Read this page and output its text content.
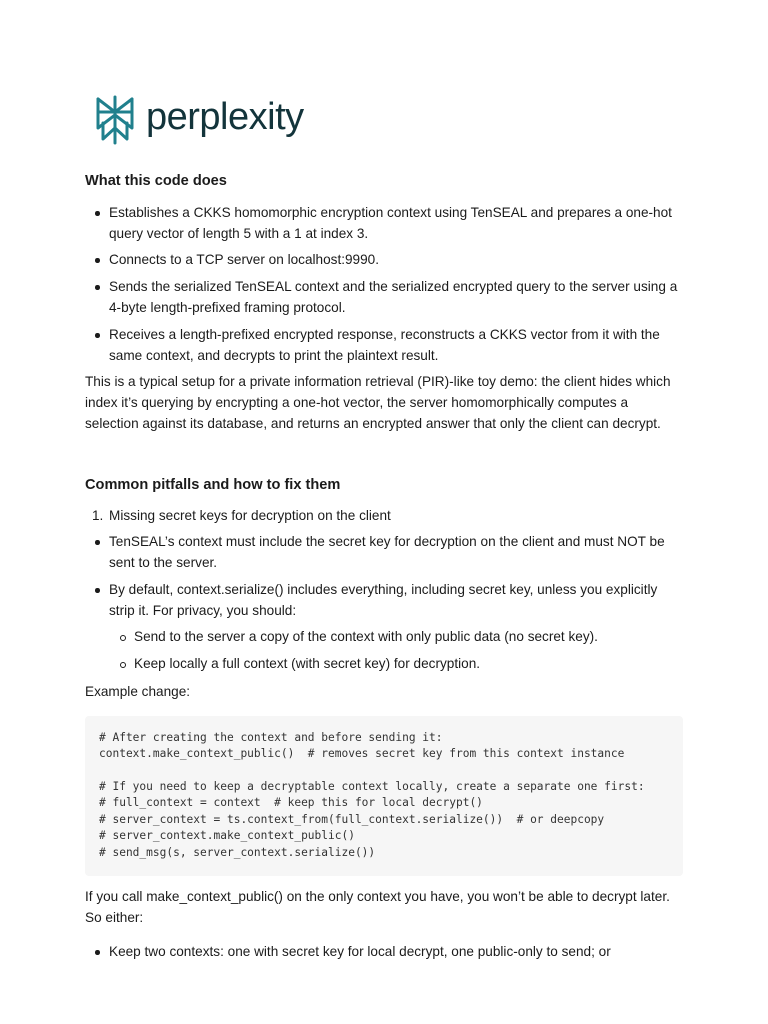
perplexity
What this code does
Establishes a CKKS homomorphic encryption context using TenSEAL and prepares a one-hot query vector of length 5 with a 1 at index 3.
Connects to a TCP server on localhost:9990.
Sends the serialized TenSEAL context and the serialized encrypted query to the server using a 4-byte length-prefixed framing protocol.
Receives a length-prefixed encrypted response, reconstructs a CKKS vector from it with the same context, and decrypts to print the plaintext result.

This is a typical setup for a private information retrieval (PIR)-like toy demo: the client hides which index it’s querying by encrypting a one-hot vector, the server homomorphically computes a selection against its database, and returns an encrypted answer that only the client can decrypt.

Common pitfalls and how to fix them
1. Missing secret keys for decryption on the client
TenSEAL’s context must include the secret key for decryption on the client and must NOT be sent to the server.
By default, context.serialize() includes everything, including secret key, unless you explicitly strip it. For privacy, you should:
Send to the server a copy of the context with only public data (no secret key).
Keep locally a full context (with secret key) for decryption.

Example change:

# After creating the context and before sending it:
context.make_context_public()  # removes secret key from this context instance
# If you need to keep a decryptable context locally, create a separate one first:
# full_context = context  # keep this for local decrypt()
# server_context = ts.context_from(full_context.serialize())  # or deepcopy
# server_context.make_context_public()
# send_msg(s, server_context.serialize())

If you call make_context_public() on the only context you have, you won’t be able to decrypt later. So either:

Keep two contexts: one with secret key for local decrypt, one public-only to send; or
